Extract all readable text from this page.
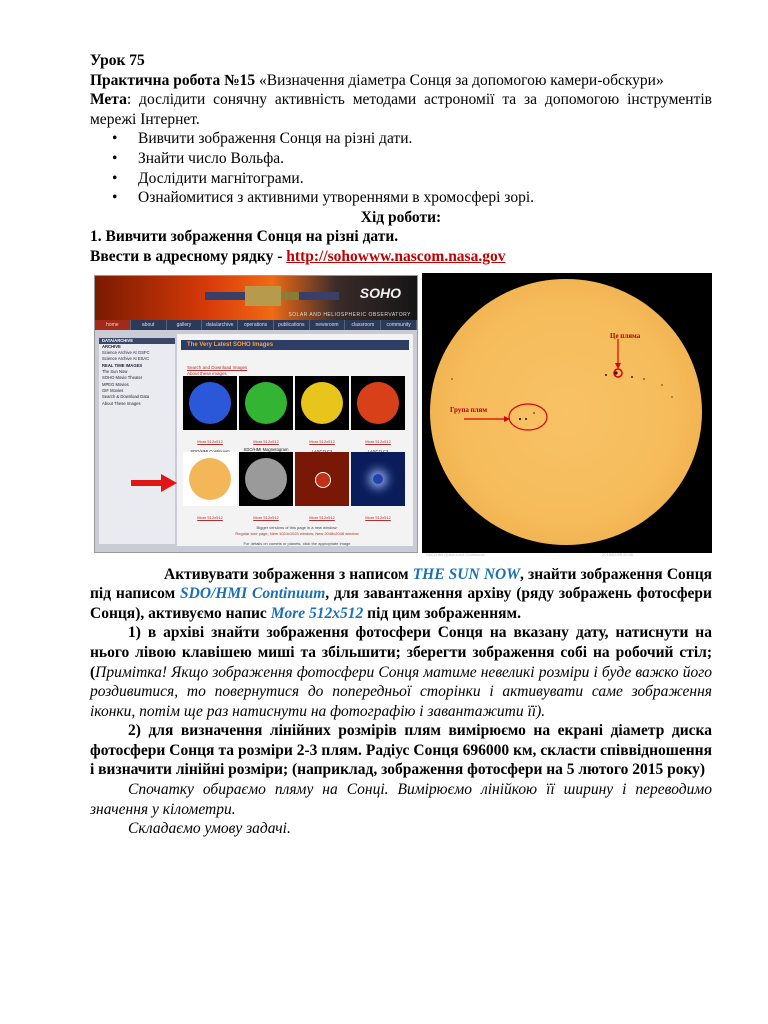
Урок 75

Практична робота №15 «Визначення діаметра Сонця за допомогою камери-обскури»

Мета: дослідити сонячну активність методами астрономії та за допомогою інструментів мережі Інтернет.

• Вивчити зображення Сонця на різні дати.
• Знайти число Вольфа.
• Дослідити магнітограми.
• Ознайомитися з активними утвореннями в хромосфері зорі.

Хід роботи:

1. Вивчити зображення Сонця на різні дати.

Ввести в адресному рядку - http://sohowww.nascom.nasa.gov

SOHO
SOLAR AND HELIOSPHERIC OBSERVATORY
home	about	gallery	data/archive	operations	publications	newsroom	classroom	community
DATA/ARCHIVE
ARCHIVE
Science Archive At GSFC
Science Archive At ESAC
REAL TIME IMAGES
The Sun Now
SOHO Movie Theater
MPEG Movies
GIF Movies
Search & Download Data
About These Images
The Very Latest SOHO Images
Search and Download Images
About these images
More 512x512	More 512x512	More 512x512	More 512x512
SDO/HMI Magnetogram
More 512x512	More 512x512	More 512x512	More 512x512
Bigger versions of this page in a new window:
Regular size page, New 1024x1024 window, New 2048x2048 window
For details on comets or planets, click the appropriate image
Це пляма
Група плям
SDO/HMI Quick-Look Continuum	2015/02/05 20:00

Активувати зображення з написом THE SUN NOW, знайти зображення Сонця під написом SDO/HMI Continuum, для завантаження архіву (ряду зображень фотосфери Сонця), активуємо напис More 512x512 під цим зображенням.

1) в архіві знайти зображення фотосфери Сонця на вказану дату, натиснути на нього лівою клавішею миші та збільшити; зберегти зображення собі на робочий стіл; (Примітка! Якщо зображення фотосфери Сонця матиме невеликі розміри і буде важко його роздивитися, то повернутися до попередньої сторінки і активувати саме зображення іконки, потім ще раз натиснути на фотографію і завантажити її).

2) для визначення лінійних розмірів плям вимірюємо на екрані діаметр диска фотосфери Сонця та розміри 2-3 плям. Радіус Сонця 696000 км, скласти співвідношення і визначити лінійні розміри; (наприклад, зображення фотосфери на 5 лютого 2015 року)

Спочатку обираємо пляму на Сонці. Вимірюємо лінійкою її ширину і переводимо значення у кілометри.

Складаємо умову задачі.
